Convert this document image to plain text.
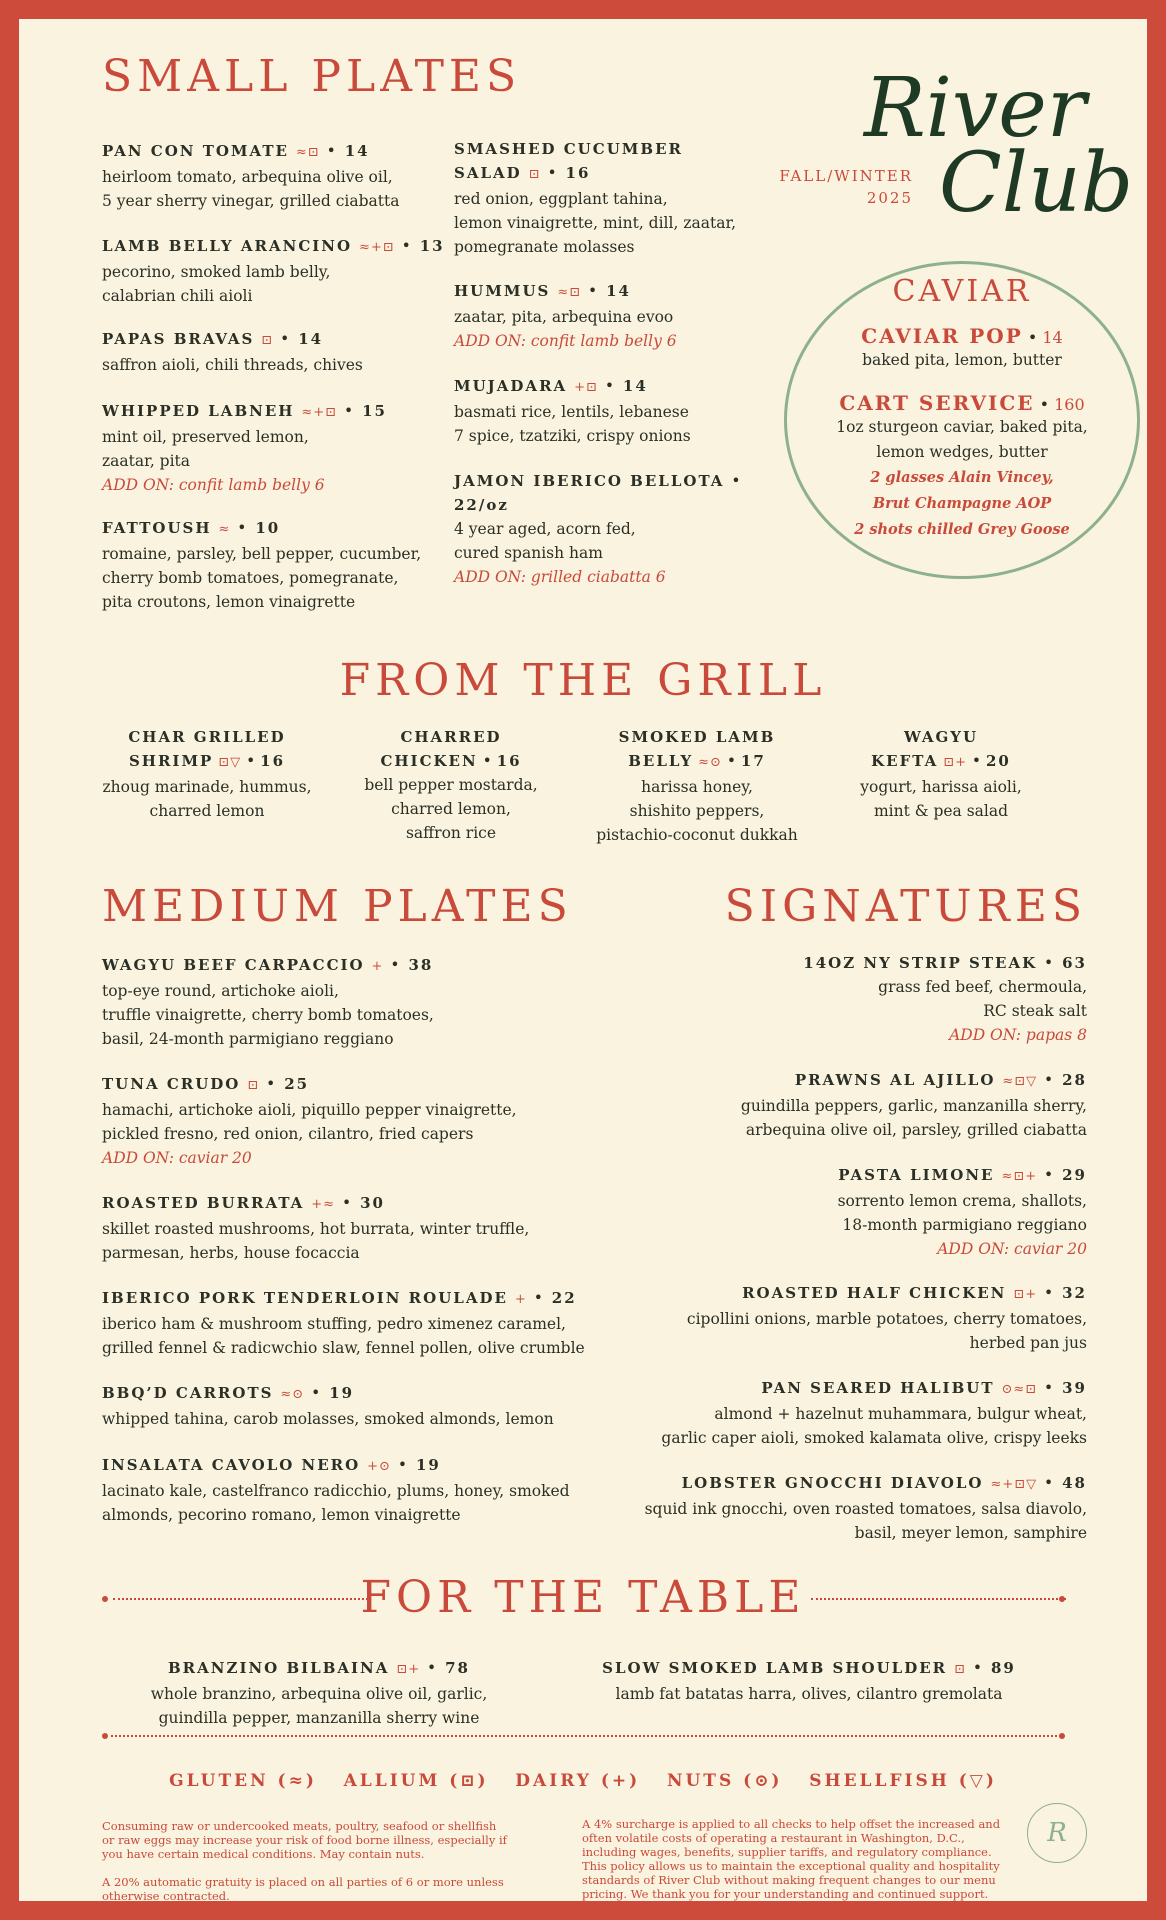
SMALL PLATES
PAN CON TOMATE ≈⊡ • 14
heirloom tomato, arbequina olive oil,
5 year sherry vinegar, grilled ciabatta
LAMB BELLY ARANCINO ≈+⊡ • 13
pecorino, smoked lamb belly,
calabrian chili aioli
PAPAS BRAVAS ⊡ • 14
saffron aioli, chili threads, chives
WHIPPED LABNEH ≈+⊡ • 15
mint oil, preserved lemon,
zaatar, pita
ADD ON: confit lamb belly 6
FATTOUSH ≈ • 10
romaine, parsley, bell pepper, cucumber,
cherry bomb tomatoes, pomegranate,
pita croutons, lemon vinaigrette
SMASHED CUCUMBER
SALAD ⊡ • 16
red onion, eggplant tahina,
lemon vinaigrette, mint, dill, zaatar,
pomegranate molasses
HUMMUS ≈⊡ • 14
zaatar, pita, arbequina evoo
ADD ON: confit lamb belly 6
MUJADARA +⊡ • 14
basmati rice, lentils, lebanese
7 spice, tzatziki, crispy onions
JAMON IBERICO BELLOTA • 22/oz
4 year aged, acorn fed,
cured spanish ham
ADD ON: grilled ciabatta 6
River
Club
FALL/WINTER
2025
CAVIAR
CAVIAR POP • 14
baked pita, lemon, butter
CART SERVICE • 160
1oz sturgeon caviar, baked pita,
lemon wedges, butter
2 glasses Alain Vincey,
Brut Champagne AOP
2 shots chilled Grey Goose
FROM THE GRILL
CHAR GRILLED
SHRIMP ⊡▽ • 16
zhoug marinade, hummus,
charred lemon
CHARRED
CHICKEN • 16
bell pepper mostarda,
charred lemon,
saffron rice
SMOKED LAMB
BELLY ≈⊙ • 17
harissa honey,
shishito peppers,
pistachio-coconut dukkah
WAGYU
KEFTA ⊡+ • 20
yogurt, harissa aioli,
mint & pea salad
MEDIUM PLATES
WAGYU BEEF CARPACCIO + • 38
top-eye round, artichoke aioli,
truffle vinaigrette, cherry bomb tomatoes,
basil, 24-month parmigiano reggiano
TUNA CRUDO ⊡ • 25
hamachi, artichoke aioli, piquillo pepper vinaigrette,
pickled fresno, red onion, cilantro, fried capers
ADD ON: caviar 20
ROASTED BURRATA +≈ • 30
skillet roasted mushrooms, hot burrata, winter truffle,
parmesan, herbs, house focaccia
IBERICO PORK TENDERLOIN ROULADE + • 22
iberico ham & mushroom stuffing, pedro ximenez caramel,
grilled fennel & radicwchio slaw, fennel pollen, olive crumble
BBQ’D CARROTS ≈⊙ • 19
whipped tahina, carob molasses, smoked almonds, lemon
INSALATA CAVOLO NERO +⊙ • 19
lacinato kale, castelfranco radicchio, plums, honey, smoked
almonds, pecorino romano, lemon vinaigrette
SIGNATURES
14OZ NY STRIP STEAK • 63
grass fed beef, chermoula,
RC steak salt
ADD ON: papas 8
PRAWNS AL AJILLO ≈⊡▽ • 28
guindilla peppers, garlic, manzanilla sherry,
arbequina olive oil, parsley, grilled ciabatta
PASTA LIMONE ≈⊡+ • 29
sorrento lemon crema, shallots,
18-month parmigiano reggiano
ADD ON: caviar 20
ROASTED HALF CHICKEN ⊡+ • 32
cipollini onions, marble potatoes, cherry tomatoes,
herbed pan jus
PAN SEARED HALIBUT ⊙≈⊡ • 39
almond + hazelnut muhammara, bulgur wheat,
garlic caper aioli, smoked kalamata olive, crispy leeks
LOBSTER GNOCCHI DIAVOLO ≈+⊡▽ • 48
squid ink gnocchi, oven roasted tomatoes, salsa diavolo,
basil, meyer lemon, samphire
FOR THE TABLE
BRANZINO BILBAINA ⊡+ • 78
whole branzino, arbequina olive oil, garlic,
guindilla pepper, manzanilla sherry wine
SLOW SMOKED LAMB SHOULDER ⊡ • 89
lamb fat batatas harra, olives, cilantro gremolata
GLUTEN (≈)   ALLIUM (⊡)   DAIRY (+)   NUTS (⊙)   SHELLFISH (▽)
Consuming raw or undercooked meats, poultry, seafood or shellfish
or raw eggs may increase your risk of food borne illness, especially if
you have certain medical conditions. May contain nuts.
A 20% automatic gratuity is placed on all parties of 6 or more unless
otherwise contracted.
A 4% surcharge is applied to all checks to help offset the increased and
often volatile costs of operating a restaurant in Washington, D.C.,
including wages, benefits, supplier tariffs, and regulatory compliance.
This policy allows us to maintain the exceptional quality and hospitality
standards of River Club without making frequent changes to our menu
pricing. We thank you for your understanding and continued support.
R
